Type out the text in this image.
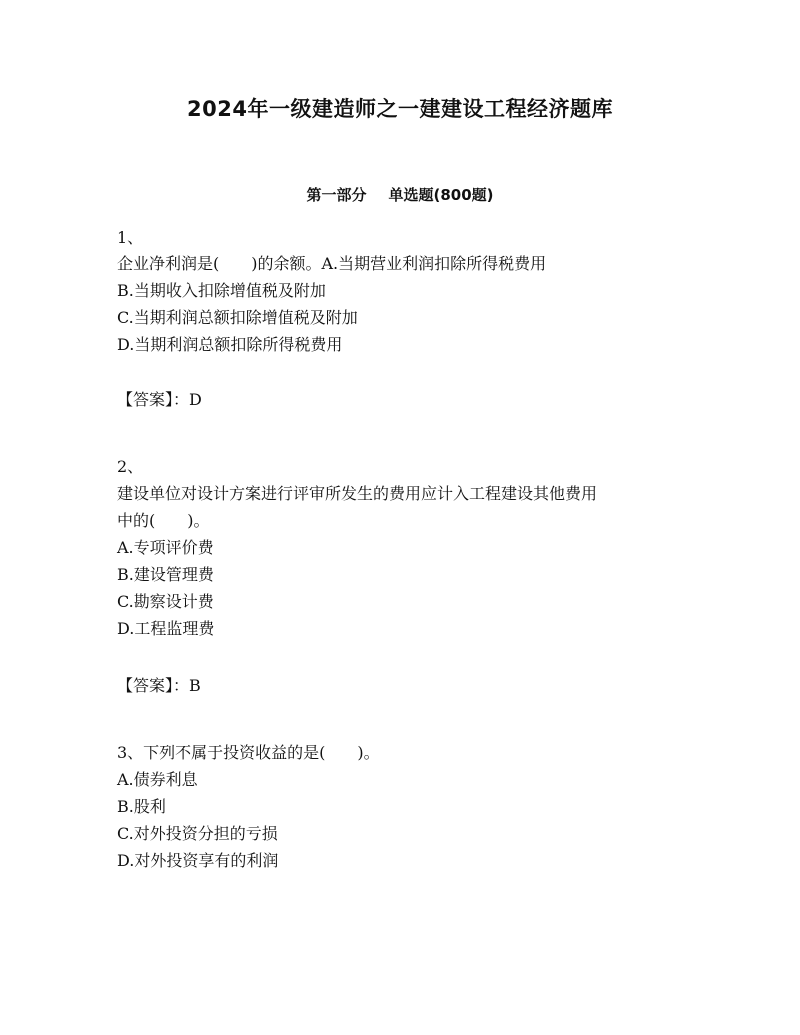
2024年一级建造师之一建建设工程经济题库
第一部分 单选题(800题)
1、
企业净利润是(　　)的余额。A.当期营业利润扣除所得税费用
B.当期收入扣除增值税及附加
C.当期利润总额扣除增值税及附加
D.当期利润总额扣除所得税费用
【答案】：D
2、
建设单位对设计方案进行评审所发生的费用应计入工程建设其他费用
中的(　　)。
A.专项评价费
B.建设管理费
C.勘察设计费
D.工程监理费
【答案】：B
3、下列不属于投资收益的是(　　)。
A.债券利息
B.股利
C.对外投资分担的亏损
D.对外投资享有的利润
